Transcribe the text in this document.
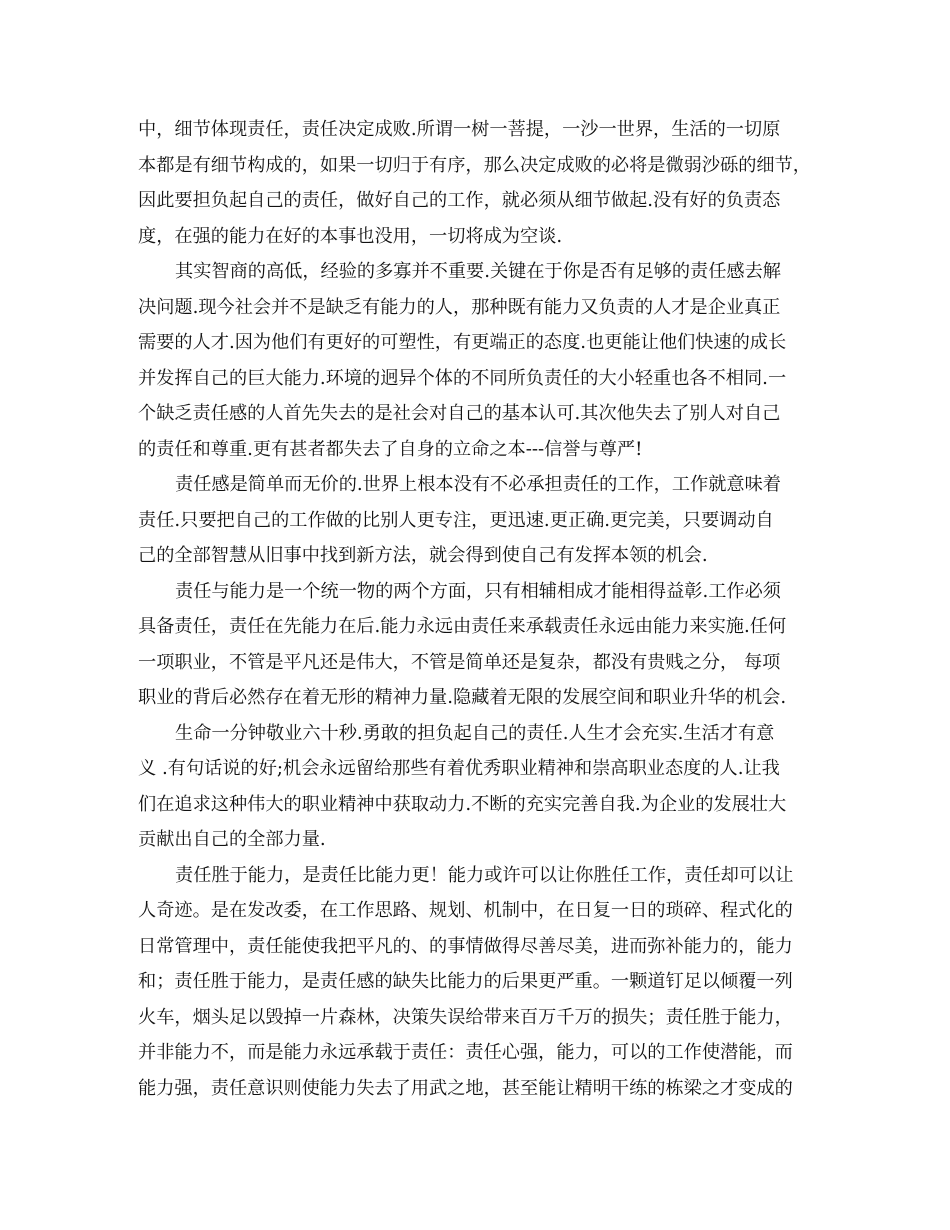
中，细节体现责任，责任决定成败.所谓一树一菩提，一沙一世界，生活的一切原
本都是有细节构成的，如果一切归于有序，那么决定成败的必将是微弱沙砾的细节，
因此要担负起自己的责任，做好自己的工作，就必须从细节做起.没有好的负责态
度，在强的能力在好的本事也没用，一切将成为空谈.
其实智商的高低，经验的多寡并不重要.关键在于你是否有足够的责任感去解
决问题.现今社会并不是缺乏有能力的人，那种既有能力又负责的人才是企业真正
需要的人才.因为他们有更好的可塑性，有更端正的态度.也更能让他们快速的成长
并发挥自己的巨大能力.环境的迥异个体的不同所负责任的大小轻重也各不相同.一
个缺乏责任感的人首先失去的是社会对自己的基本认可.其次他失去了别人对自己
的责任和尊重.更有甚者都失去了自身的立命之本---信誉与尊严!
责任感是简单而无价的.世界上根本没有不必承担责任的工作，工作就意味着
责任.只要把自己的工作做的比别人更专注，更迅速.更正确.更完美，只要调动自
己的全部智慧从旧事中找到新方法，就会得到使自己有发挥本领的机会.
责任与能力是一个统一物的两个方面，只有相辅相成才能相得益彰.工作必须
具备责任，责任在先能力在后.能力永远由责任来承载责任永远由能力来实施.任何
一项职业，不管是平凡还是伟大，不管是简单还是复杂，都没有贵贱之分， 每项
职业的背后必然存在着无形的精神力量.隐藏着无限的发展空间和职业升华的机会.
生命一分钟敬业六十秒.勇敢的担负起自己的责任.人生才会充实.生活才有意
义 .有句话说的好;机会永远留给那些有着优秀职业精神和崇高职业态度的人.让我
们在追求这种伟大的职业精神中获取动力.不断的充实完善自我.为企业的发展壮大
贡献出自己的全部力量.
责任胜于能力，是责任比能力更！能力或许可以让你胜任工作，责任却可以让
人奇迹。是在发改委，在工作思路、规划、机制中，在日复一日的琐碎、程式化的
日常管理中，责任能使我把平凡的、的事情做得尽善尽美，进而弥补能力的，能力
和；责任胜于能力，是责任感的缺失比能力的后果更严重。一颗道钉足以倾覆一列
火车，烟头足以毁掉一片森林，决策失误给带来百万千万的损失；责任胜于能力，
并非能力不，而是能力永远承载于责任：责任心强，能力，可以的工作使潜能，而
能力强，责任意识则使能力失去了用武之地，甚至能让精明干练的栋梁之才变成的
